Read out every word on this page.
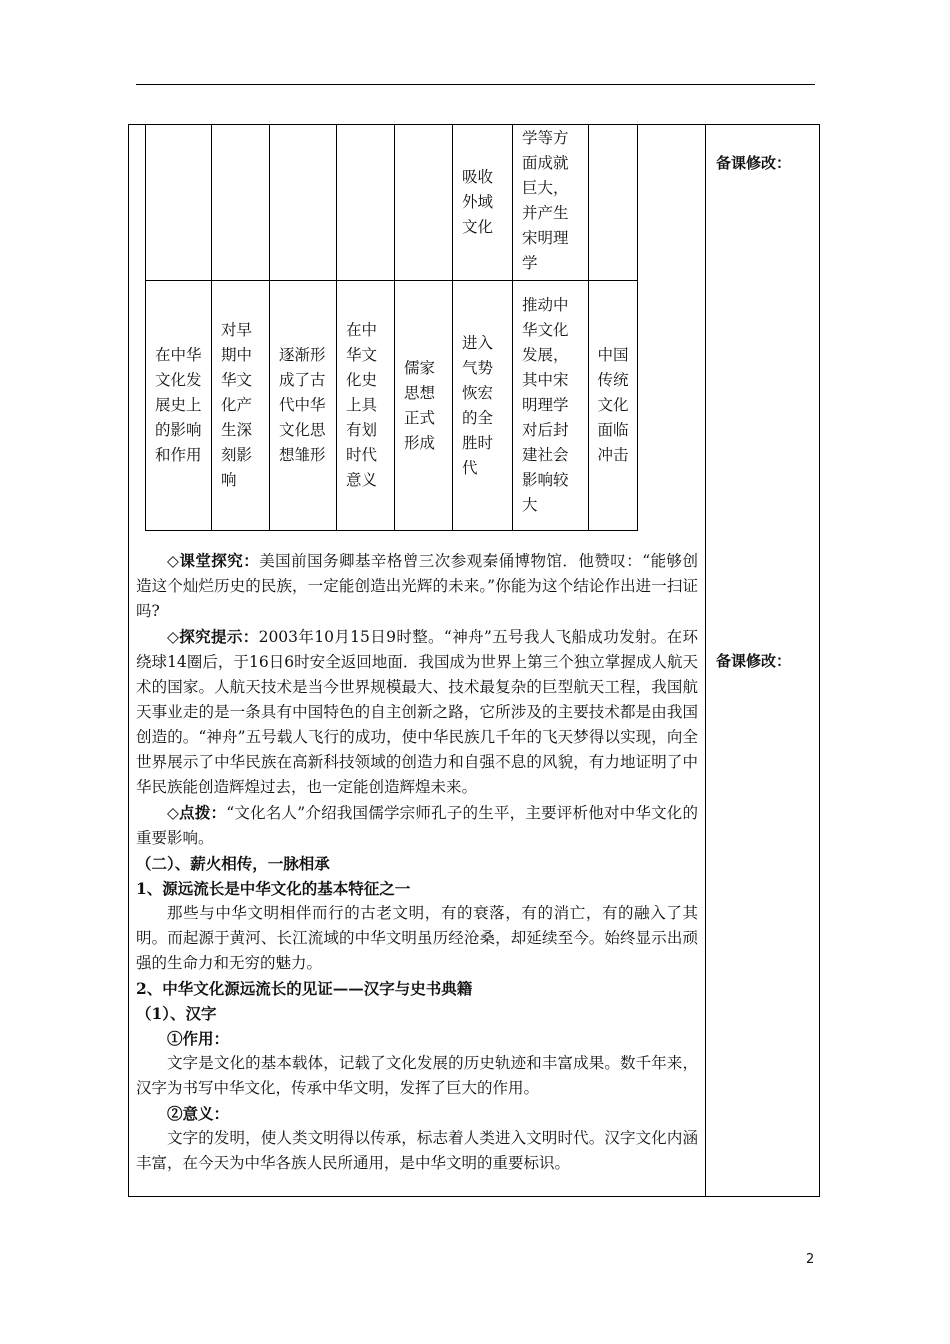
备课修改：
备课修改：
					吸收外域文化	学等方面成就巨大，并产生宋明理学	
在中华文化发展史上的影响和作用	对早期中华文化产生深刻影响	逐渐形成了古代中华文化思想雏形	在中华文化史上具有划时代意义	儒家思想正式形成	进入气势恢宏的全胜时代	推动中华文化发展，其中宋明理学对后封建社会影响较大	中国传统文化面临冲击

◇课堂探究：美国前国务卿基辛格曾三次参观秦俑博物馆．他赞叹：“能够创造这个灿烂历史的民族，一定能创造出光辉的未来。”你能为这个结论作出进一扫证吗?

◇探究提示：2003年10月15日9时整。“神舟”五号我人飞船成功发射。在环绕球14圈后，于16日6时安全返回地面．我国成为世界上第三个独立掌握成人航天术的国家。人航天技术是当今世界规模最大、技术最复杂的巨型航天工程，我国航天事业走的是一条具有中国特色的自主创新之路，它所涉及的主要技术都是由我国创造的。“神舟”五号载人飞行的成功，使中华民族几千年的飞天梦得以实现，向全世界展示了中华民族在高新科技领域的创造力和自强不息的风貌，有力地证明了中华民族能创造辉煌过去，也一定能创造辉煌未来。

◇点拨：“文化名人”介绍我国儒学宗师孔子的生平，主要评析他对中华文化的重要影响。

（二）、薪火相传，一脉相承

1、源远流长是中华文化的基本特征之一

那些与中华文明相伴而行的古老文明，有的衰落，有的消亡，有的融入了其明。而起源于黄河、长江流域的中华文明虽历经沧桑，却延续至今。始终显示出顽强的生命力和无穷的魅力。

2、中华文化源远流长的见证——汉字与史书典籍

（1）、汉字

①作用：

文字是文化的基本载体，记载了文化发展的历史轨迹和丰富成果。数千年来，汉字为书写中华文化，传承中华文明，发挥了巨大的作用。

②意义：

文字的发明，使人类文明得以传承，标志着人类进入文明时代。汉字文化内涵丰富，在今天为中华各族人民所通用，是中华文明的重要标识。

2
